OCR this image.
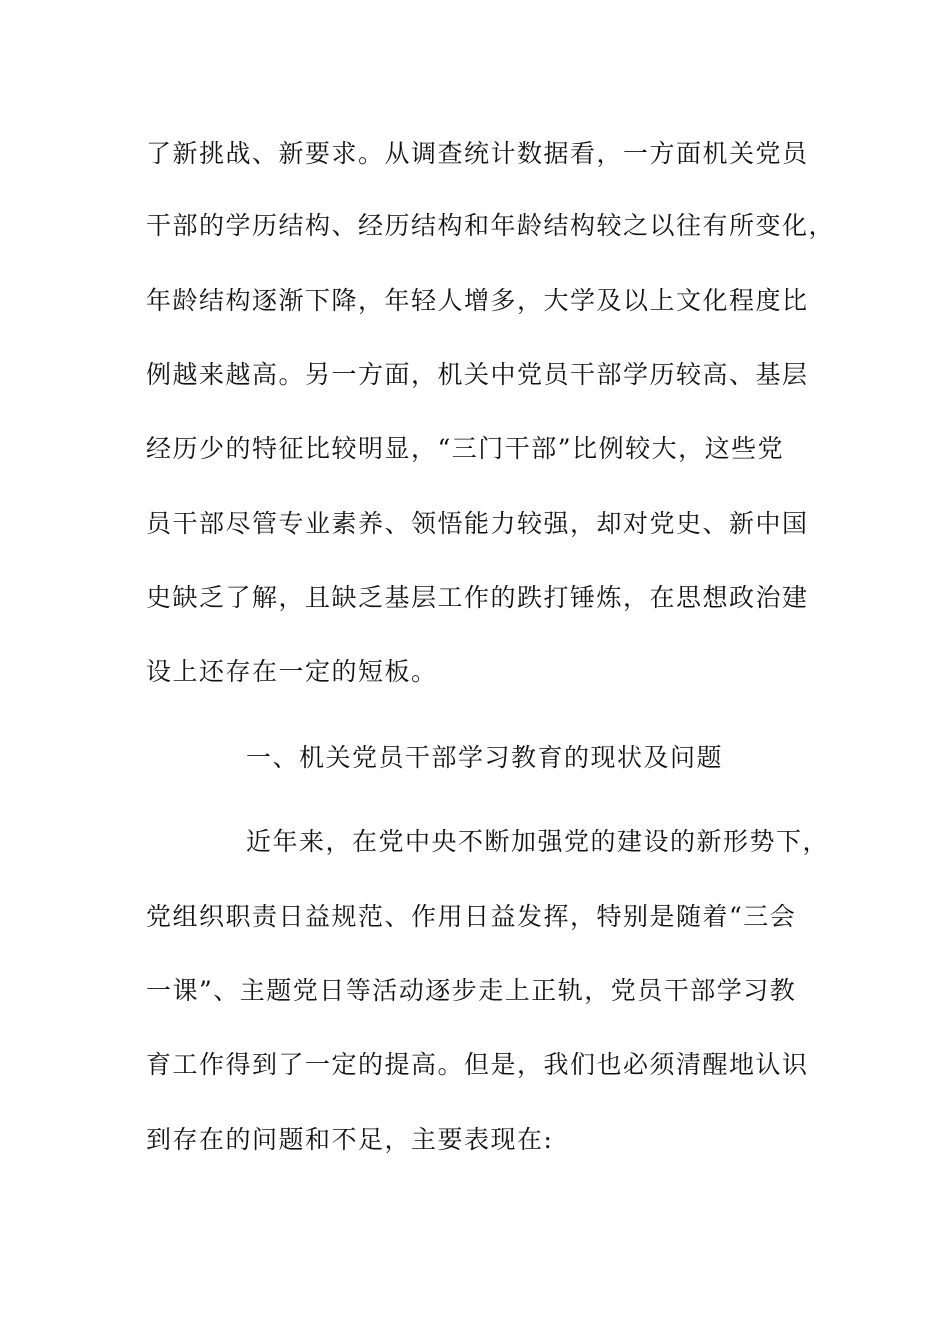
了新挑战、新要求。从调查统计数据看，一方面机关党员
干部的学历结构、经历结构和年龄结构较之以往有所变化，
年龄结构逐渐下降，年轻人增多，大学及以上文化程度比
例越来越高。另一方面，机关中党员干部学历较高、基层
经历少的特征比较明显，“三门干部”比例较大，这些党
员干部尽管专业素养、领悟能力较强，却对党史、新中国
史缺乏了解，且缺乏基层工作的跌打锤炼，在思想政治建
设上还存在一定的短板。
一、机关党员干部学习教育的现状及问题
近年来，在党中央不断加强党的建设的新形势下，
党组织职责日益规范、作用日益发挥，特别是随着“三会
一课”、主题党日等活动逐步走上正轨，党员干部学习教
育工作得到了一定的提高。但是，我们也必须清醒地认识
到存在的问题和不足，主要表现在:
